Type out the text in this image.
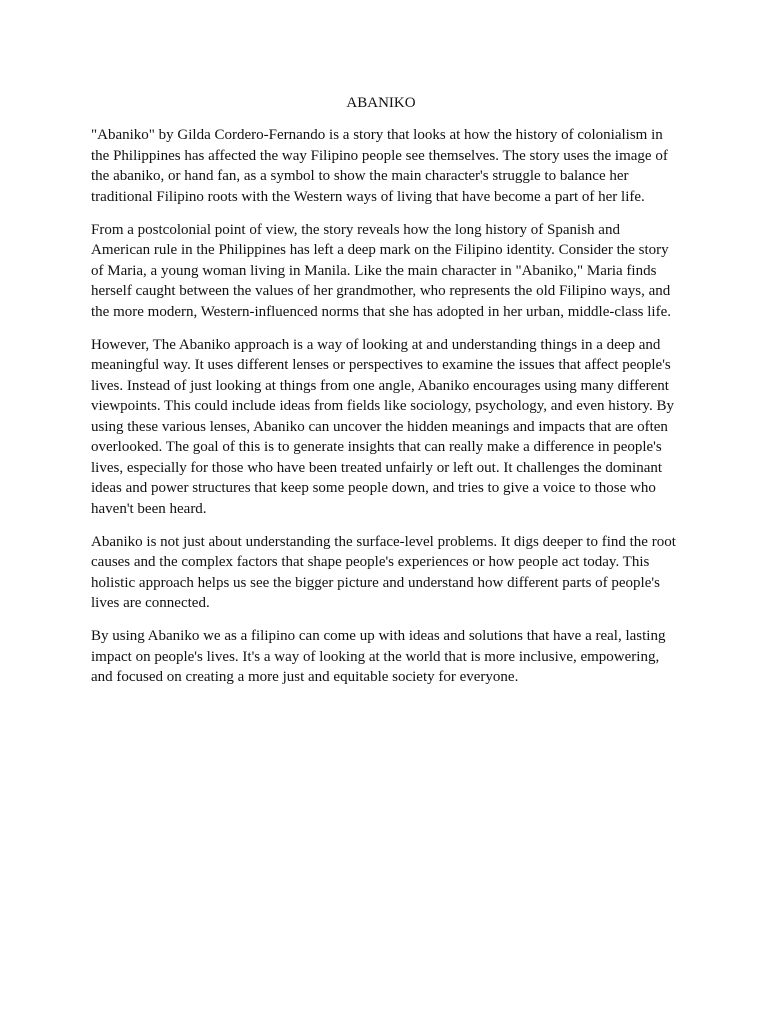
ABANIKO

"Abaniko" by Gilda Cordero-Fernando is a story that looks at how the history of colonialism in the Philippines has affected the way Filipino people see themselves. The story uses the image of the abaniko, or hand fan, as a symbol to show the main character's struggle to balance her traditional Filipino roots with the Western ways of living that have become a part of her life.

From a postcolonial point of view, the story reveals how the long history of Spanish and American rule in the Philippines has left a deep mark on the Filipino identity. Consider the story of Maria, a young woman living in Manila. Like the main character in "Abaniko," Maria finds herself caught between the values of her grandmother, who represents the old Filipino ways, and the more modern, Western-influenced norms that she has adopted in her urban, middle-class life.

However, The Abaniko approach is a way of looking at and understanding things in a deep and meaningful way. It uses different lenses or perspectives to examine the issues that affect people's lives. Instead of just looking at things from one angle, Abaniko encourages using many different viewpoints. This could include ideas from fields like sociology, psychology, and even history. By using these various lenses, Abaniko can uncover the hidden meanings and impacts that are often overlooked. The goal of this is to generate insights that can really make a difference in people's lives, especially for those who have been treated unfairly or left out. It challenges the dominant ideas and power structures that keep some people down, and tries to give a voice to those who haven't been heard.

Abaniko is not just about understanding the surface-level problems. It digs deeper to find the root causes and the complex factors that shape people's experiences or how people act today. This holistic approach helps us see the bigger picture and understand how different parts of people's lives are connected.

By using Abaniko we as a filipino can come up with ideas and solutions that have a real, lasting impact on people's lives. It's a way of looking at the world that is more inclusive, empowering, and focused on creating a more just and equitable society for everyone.
